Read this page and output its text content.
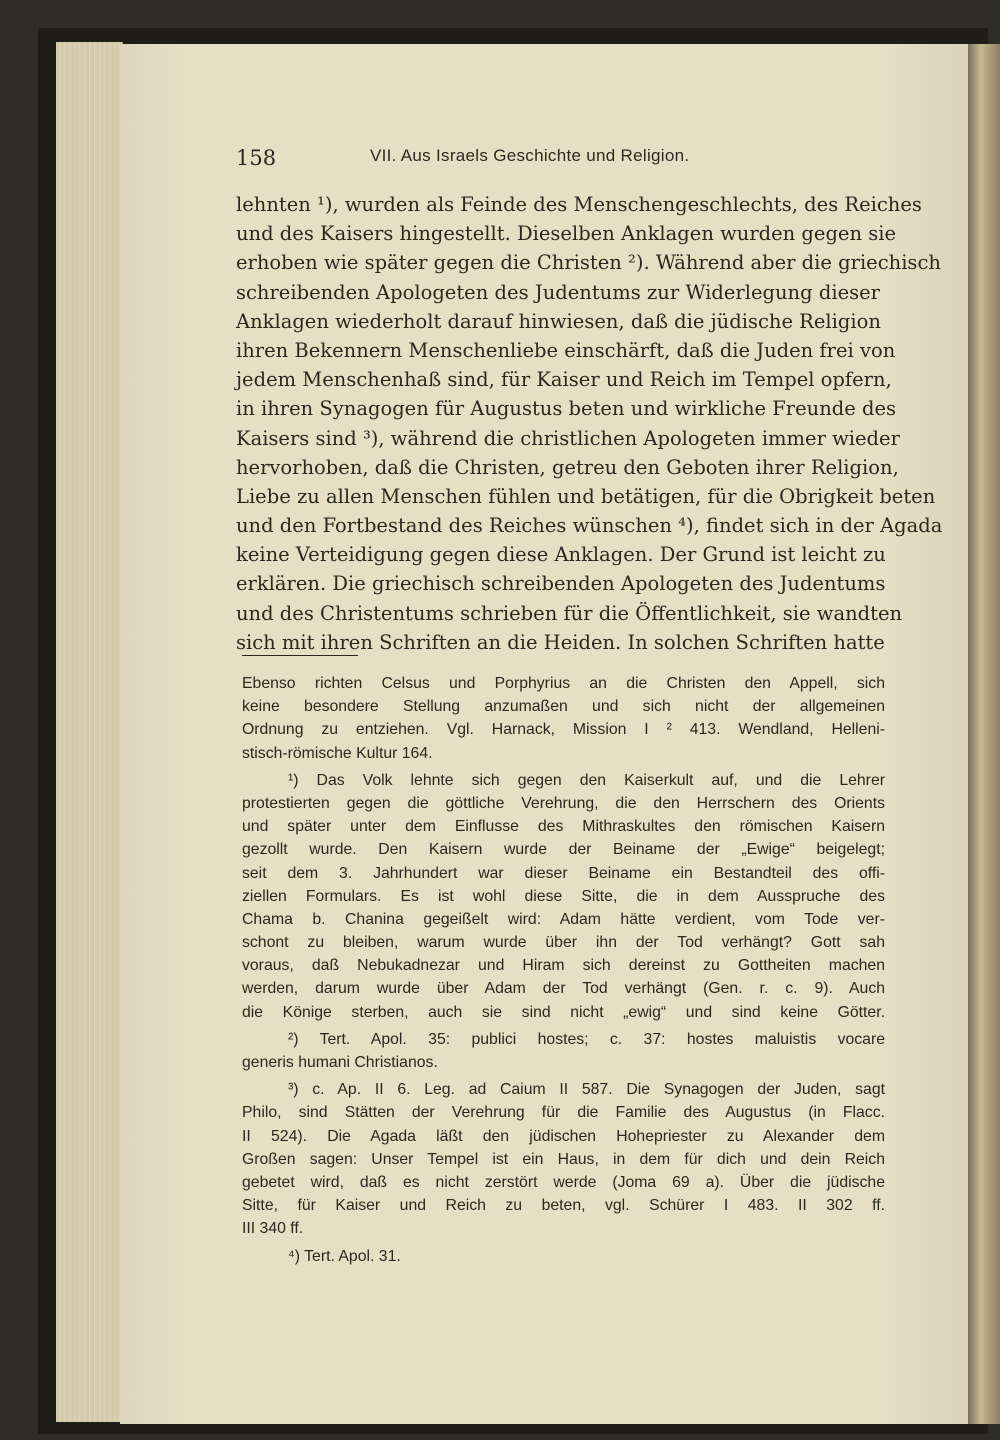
158	VII. Aus Israels Geschichte und Religion.
lehnten ¹), wurden als Feinde des Menschengeschlechts, des Reiches
und des Kaisers hingestellt. Dieselben Anklagen wurden gegen sie
erhoben wie später gegen die Christen ²). Während aber die griechisch
schreibenden Apologeten des Judentums zur Widerlegung dieser
Anklagen wiederholt darauf hinwiesen, daß die jüdische Religion
ihren Bekennern Menschenliebe einschärft, daß die Juden frei von
jedem Menschenhaß sind, für Kaiser und Reich im Tempel opfern,
in ihren Synagogen für Augustus beten und wirkliche Freunde des
Kaisers sind ³), während die christlichen Apologeten immer wieder
hervorhoben, daß die Christen, getreu den Geboten ihrer Religion,
Liebe zu allen Menschen fühlen und betätigen, für die Obrigkeit beten
und den Fortbestand des Reiches wünschen ⁴), findet sich in der Agada
keine Verteidigung gegen diese Anklagen. Der Grund ist leicht zu
erklären. Die griechisch schreibenden Apologeten des Judentums
und des Christentums schrieben für die Öffentlichkeit, sie wandten
sich mit ihren Schriften an die Heiden. In solchen Schriften hatte
Ebenso richten Celsus und Porphyrius an die Christen den Appell, sich
keine besondere Stellung anzumaßen und sich nicht der allgemeinen
Ordnung zu entziehen. Vgl. Harnack, Mission I ² 413. Wendland, Helleni-
stisch-römische Kultur 164.
¹) Das Volk lehnte sich gegen den Kaiserkult auf, und die Lehrer
protestierten gegen die göttliche Verehrung, die den Herrschern des Orients
und später unter dem Einflusse des Mithraskultes den römischen Kaisern
gezollt wurde. Den Kaisern wurde der Beiname der „Ewige“ beigelegt;
seit dem 3. Jahrhundert war dieser Beiname ein Bestandteil des offi-
ziellen Formulars. Es ist wohl diese Sitte, die in dem Ausspruche des
Chama b. Chanina gegeißelt wird: Adam hätte verdient, vom Tode ver-
schont zu bleiben, warum wurde über ihn der Tod verhängt? Gott sah
voraus, daß Nebukadnezar und Hiram sich dereinst zu Gottheiten machen
werden, darum wurde über Adam der Tod verhängt (Gen. r. c. 9). Auch
die Könige sterben, auch sie sind nicht „ewig“ und sind keine Götter.
²) Tert. Apol. 35: publici hostes; c. 37: hostes maluistis vocare
generis humani Christianos.
³) c. Ap. II 6. Leg. ad Caium II 587. Die Synagogen der Juden, sagt
Philo, sind Stätten der Verehrung für die Familie des Augustus (in Flacc.
II 524). Die Agada läßt den jüdischen Hohepriester zu Alexander dem
Großen sagen: Unser Tempel ist ein Haus, in dem für dich und dein Reich
gebetet wird, daß es nicht zerstört werde (Joma 69 a). Über die jüdische
Sitte, für Kaiser und Reich zu beten, vgl. Schürer I 483. II 302 ff.
III 340 ff.
⁴) Tert. Apol. 31.
